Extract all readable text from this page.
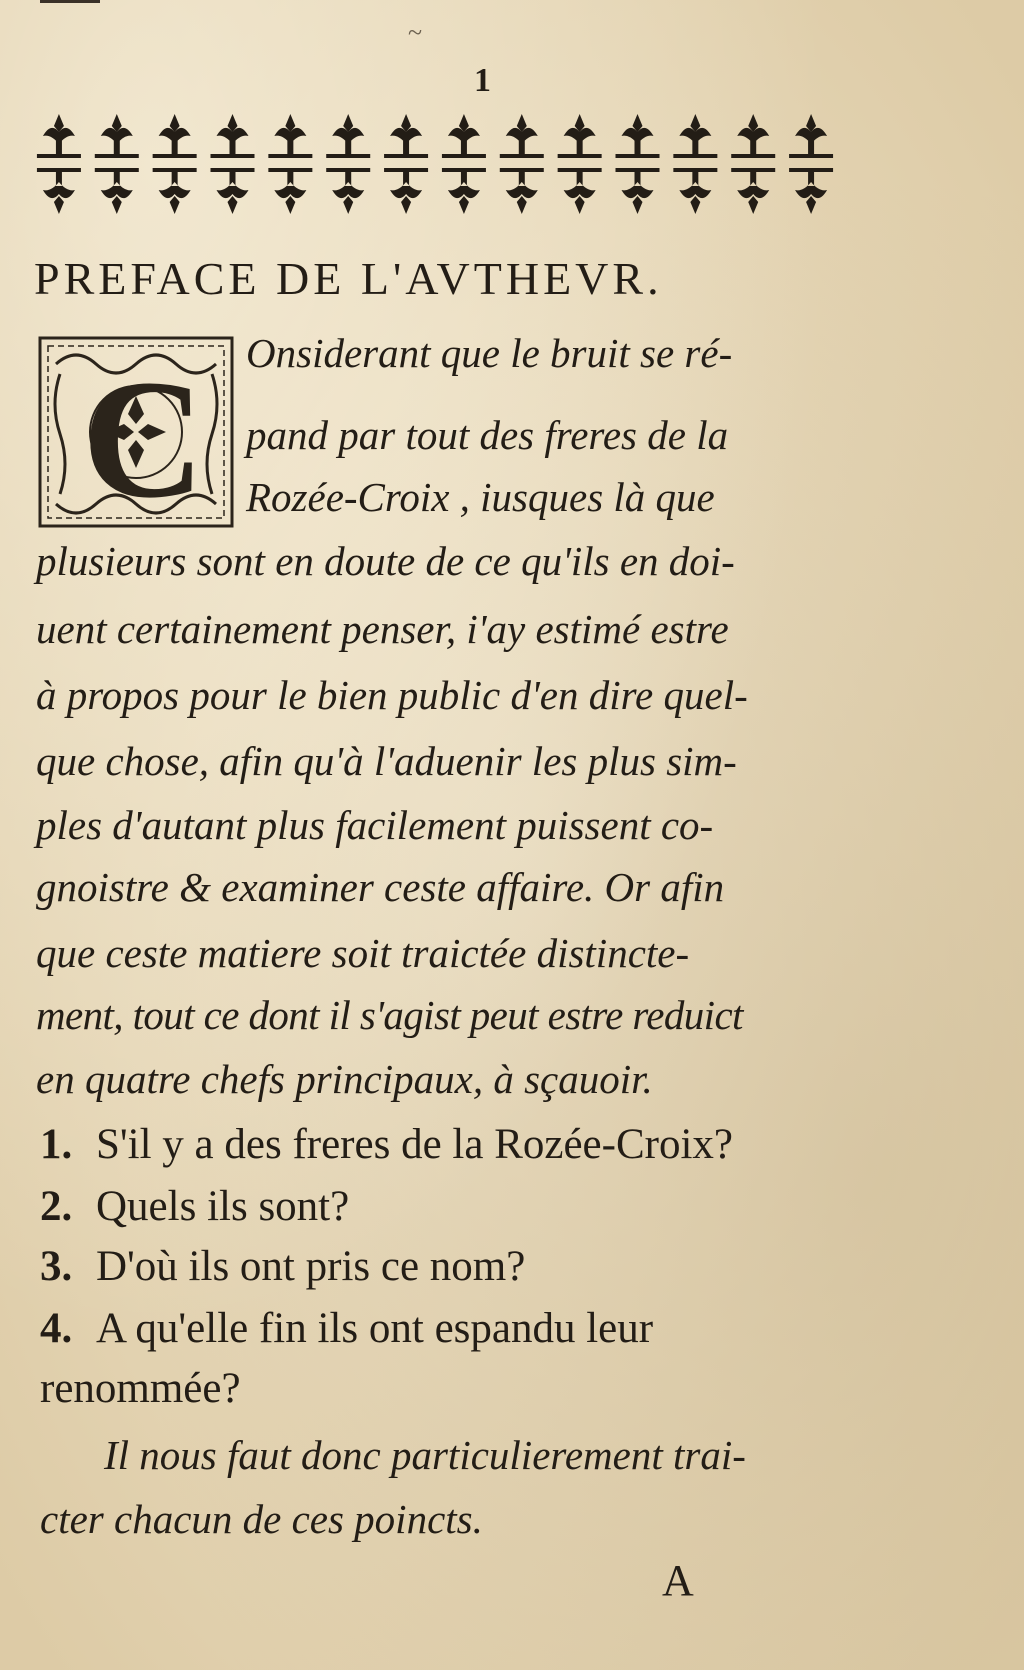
~
1
PREFACE DE L'AVTHEVR.
C Onsiderant que le bruit se ré-
pand par tout des freres de la
Rozée-Croix , iusques là que
plusieurs sont en doute de ce qu'ils en doi-
uent certainement penser, i'ay estimé estre
à propos pour le bien public d'en dire quel-
que chose, afin qu'à l'aduenir les plus sim-
ples d'autant plus facilement puissent co-
gnoistre & examiner ceste affaire. Or afin
que ceste matiere soit traictée distincte-
ment, tout ce dont il s'agist peut estre reduict
en quatre chefs principaux, à sçauoir.
1. S'il y a des freres de la Rozée-Croix?
2. Quels ils sont?
3. D'où ils ont pris ce nom?
4. A qu'elle fin ils ont espandu leur
renommée?
Il nous faut donc particulierement trai-
cter chacun de ces poincts.
A
